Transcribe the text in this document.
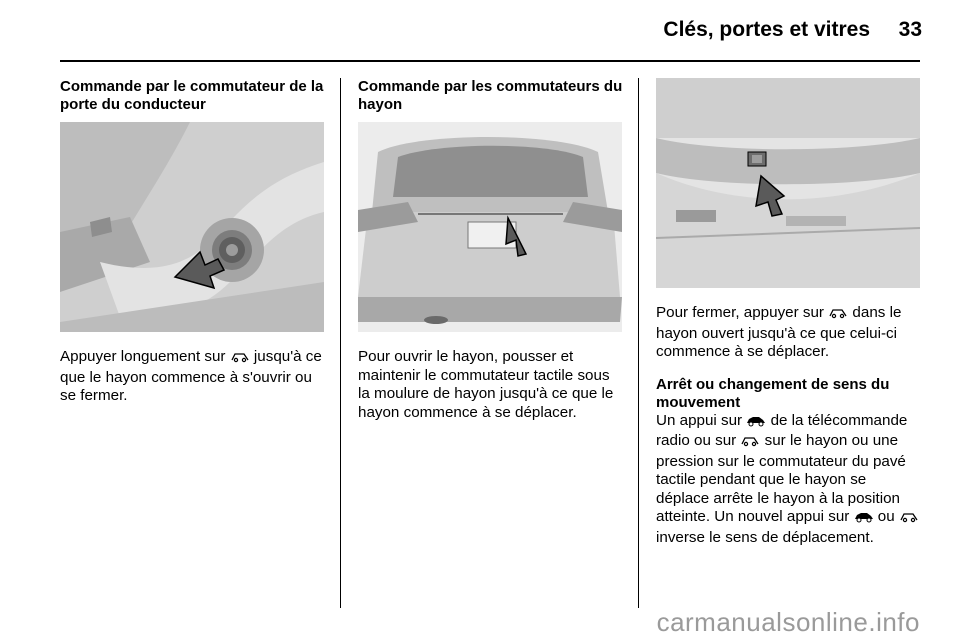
Clés, portes et vitres 33

Commande par le commutateur de la porte du conducteur

Appuyer longuement sur  jusqu'à ce que le hayon commence à s'ouvrir ou se fermer.

Commande par les commutateurs du hayon

Pour ouvrir le hayon, pousser et maintenir le commutateur tactile sous la moulure de hayon jusqu'à ce que le hayon commence à se déplacer.

Pour fermer, appuyer sur  dans le hayon ouvert jusqu'à ce que celui-ci commence à se déplacer.

Arrêt ou changement de sens du mouvement

Un appui sur  de la télécommande radio ou sur  sur le hayon ou une pression sur le commutateur du pavé tactile pendant que le hayon se déplace arrête le hayon à la position atteinte. Un nouvel appui sur  ou  inverse le sens de déplacement.

carmanualsonline.info
